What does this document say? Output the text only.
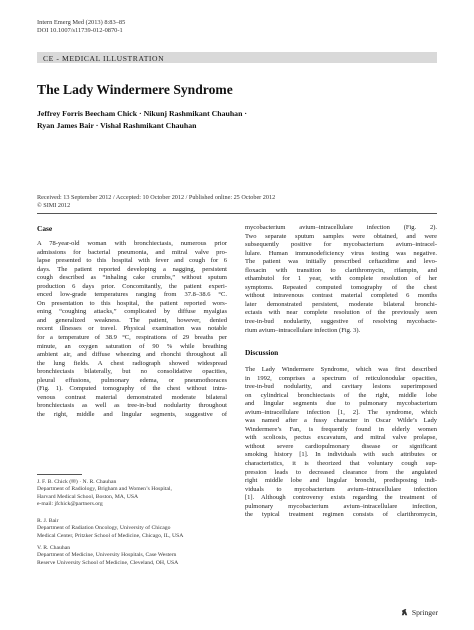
Intern Emerg Med (2013) 8:83–85
DOI 10.1007/s11739-012-0870-1
CE - MEDICAL ILLUSTRATION
The Lady Windermere Syndrome
Jeffrey Forris Beecham Chick · Nikunj Rashmikant Chauhan ·
Ryan James Bair · Vishal Rashmikant Chauhan
Received: 13 September 2012 / Accepted: 10 October 2012 / Published online: 25 October 2012
© SIMI 2012
Case
A 78-year-old woman with bronchiectasis, numerous prior
admissions for bacterial pneumonia, and mitral valve pro-
lapse presented to this hospital with fever and cough for 6
days. The patient reported developing a nagging, persistent
cough described as “inhaling cake crumbs,” without sputum
production 6 days prior. Concomitantly, the patient experi-
enced low-grade temperatures ranging from 37.8–38.6 °C.
On presentation to this hospital, the patient reported wors-
ening “coughing attacks,” complicated by diffuse myalgias
and generalized weakness. The patient, however, denied
recent illnesses or travel. Physical examination was notable
for a temperature of 38.9 °C, respirations of 29 breaths per
minute, an oxygen saturation of 90 % while breathing
ambient air, and diffuse wheezing and rhonchi throughout all
the lung fields. A chest radiograph showed widespread
bronchiectasis bilaterally, but no consolidative opacities,
pleural effusions, pulmonary edema, or pneumothoraces
(Fig. 1). Computed tomography of the chest without intra-
venous contrast material demonstrated moderate bilateral
bronchiectasis as well as tree-in-bud nodularity throughout
the right, middle and lingular segments, suggestive of
mycobacterium avium–intracellulare infection (Fig. 2).
Two separate sputum samples were obtained, and were
subsequently positive for mycobacterium avium–intracel-
lulare. Human immunodeficiency virus testing was negative.
The patient was initially prescribed ceftazidime and levo-
floxacin with transition to clarithromycin, rifampin, and
ethambutol for 1 year, with complete resolution of her
symptoms. Repeated computed tomography of the chest
without intravenous contrast material completed 6 months
later demonstrated persistent, moderate bilateral bronchi-
ectasis with near complete resolution of the previously seen
tree-in-bud nodularity, suggestive of resolving mycobacte-
rium avium–intracellulare infection (Fig. 3).
Discussion
The Lady Windermere Syndrome, which was first described
in 1992, comprises a spectrum of reticulonodular opacities,
tree-in-bud nodularity, and cavitary lesions superimposed
on cylindrical bronchiectasis of the right, middle lobe
and lingular segments due to pulmonary mycobacterium
avium–intracellulare infection [1, 2]. The syndrome, which
was named after a fussy character in Oscar Wilde’s Lady
Windermere’s Fan, is frequently found in elderly women
with scoliosis, pectus excavatum, and mitral valve prolapse,
without severe cardiopulmonary disease or significant
smoking history [1]. In individuals with such attributes or
characteristics, it is theorized that voluntary cough sup-
pression leads to decreased clearance from the angulated
right middle lobe and lingular bronchi, predisposing indi-
viduals to mycobacterium avium–intracellulare infection
[1]. Although controversy exists regarding the treatment of
pulmonary mycobacterium avium–intracellulare infection,
the typical treatment regimen consists of clarithromycin,
J. F. B. Chick (✉) · N. R. Chauhan
Department of Radiology, Brigham and Women’s Hospital,
Harvard Medical School, Boston, MA, USA
e-mail: jfchick@partners.org
R. J. Bair
Department of Radiation Oncology, University of Chicago
Medical Center, Pritzker School of Medicine, Chicago, IL, USA
V. R. Chauhan
Department of Medicine, University Hospitals, Case Western
Reserve University School of Medicine, Cleveland, OH, USA
Springer
